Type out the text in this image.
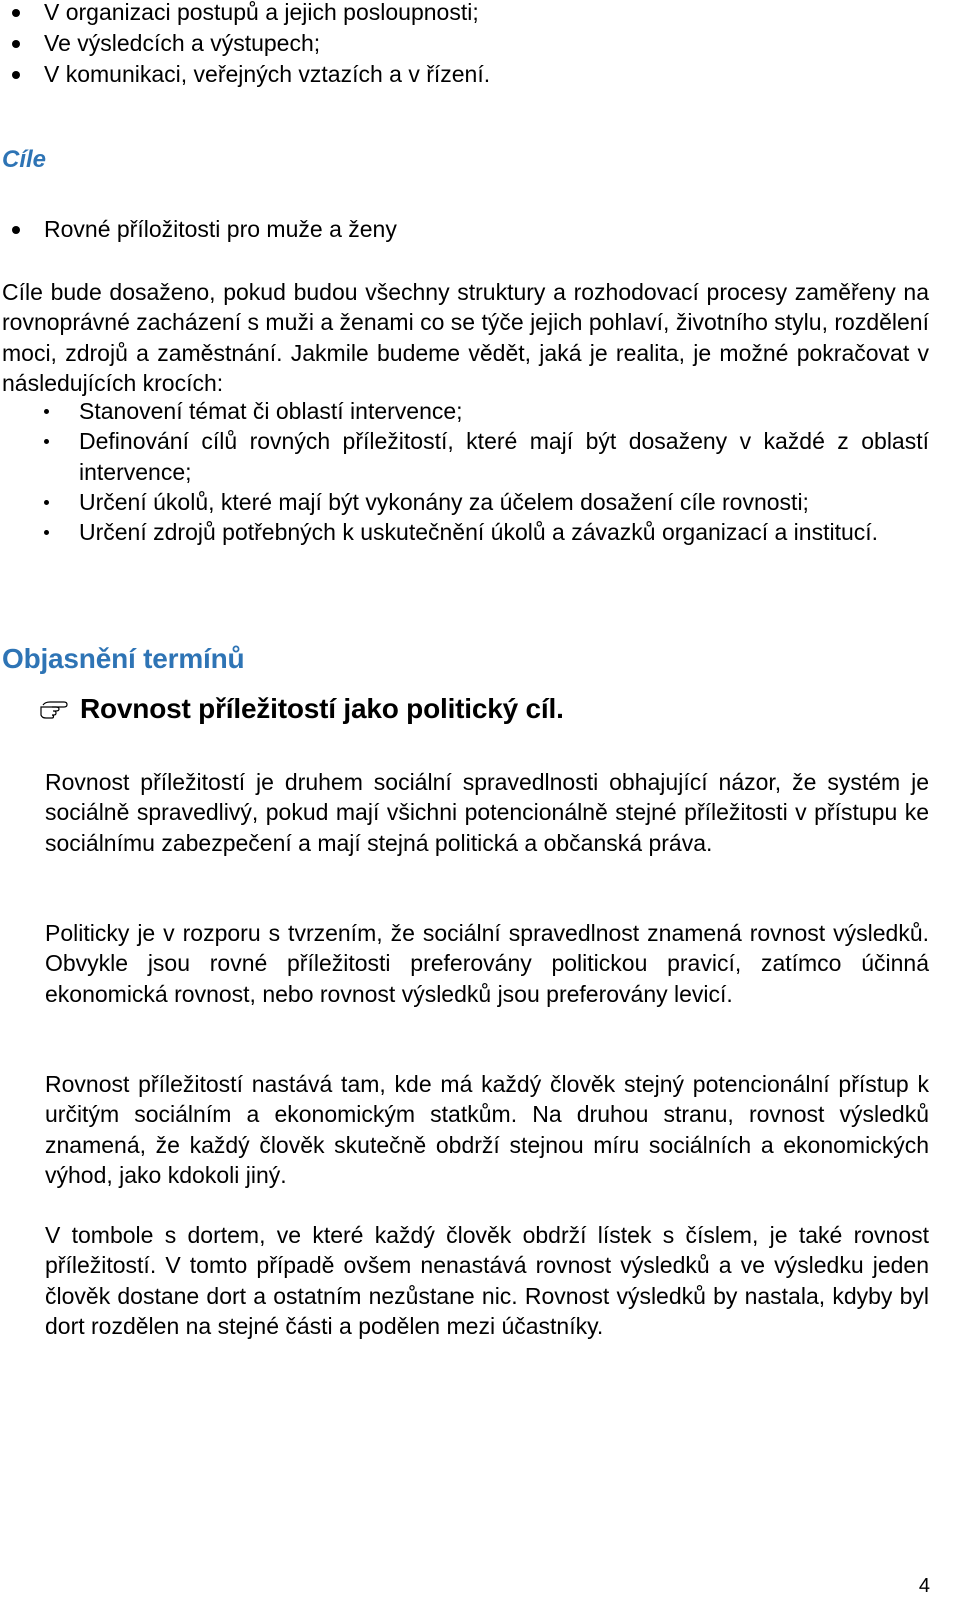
V organizaci postupů a jejich posloupnosti;
Ve výsledcích a výstupech;
V komunikaci, veřejných vztazích a v řízení.
Cíle
Rovné příložitosti pro muže a ženy
Cíle bude dosaženo, pokud budou všechny struktury a rozhodovací procesy zaměřeny na rovnoprávné zacházení s muži a ženami co se týče jejich pohlaví, životního stylu, rozdělení moci, zdrojů a zaměstnání. Jakmile budeme vědět, jaká je realita, je možné pokračovat v následujících krocích:
Stanovení témat či oblastí intervence;
Definování cílů rovných příležitostí, které mají být dosaženy v každé z oblastí intervence;
Určení úkolů, které mají být vykonány za účelem dosažení cíle rovnosti;
Určení zdrojů potřebných k uskutečnění úkolů a závazků organizací a institucí.
Objasnění termínů
Rovnost příležitostí jako politický cíl.
Rovnost příležitostí je druhem sociální spravedlnosti obhajující názor, že systém je sociálně spravedlivý, pokud mají všichni potencionálně stejné příležitosti v přístupu ke sociálnímu zabezpečení a mají stejná politická a občanská práva.
Politicky je v rozporu s tvrzením, že sociální spravedlnost znamená rovnost výsledků. Obvykle jsou rovné příležitosti preferovány politickou pravicí, zatímco účinná ekonomická rovnost, nebo rovnost výsledků jsou preferovány levicí.
Rovnost příležitostí nastává tam, kde má každý člověk stejný potencionální přístup k určitým sociálním a ekonomickým statkům. Na druhou stranu, rovnost výsledků znamená, že každý člověk skutečně obdrží stejnou míru sociálních a ekonomických výhod, jako kdokoli jiný.
V tombole s dortem, ve které každý člověk obdrží lístek s číslem, je také rovnost příležitostí. V tomto případě ovšem nenastává rovnost výsledků a ve výsledku jeden člověk dostane dort a ostatním nezůstane nic. Rovnost výsledků by nastala, kdyby byl dort rozdělen na stejné části a podělen mezi účastníky.
4
